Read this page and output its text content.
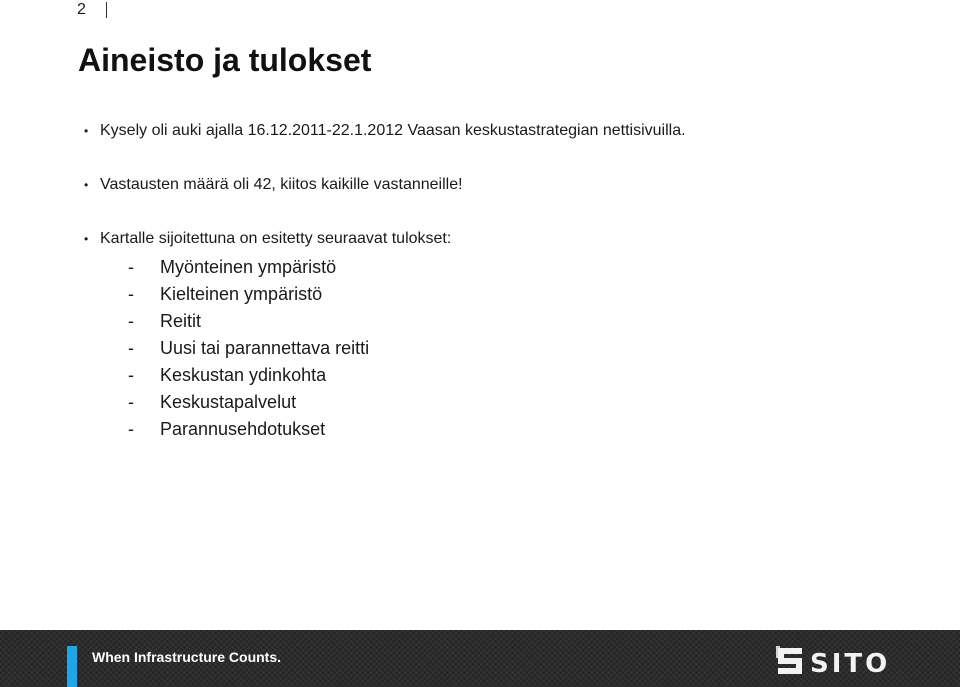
2
Aineisto ja tulokset
• Kysely oli auki ajalla 16.12.2011-22.1.2012 Vaasan keskustastrategian nettisivuilla.
• Vastausten määrä oli 42, kiitos kaikille vastanneille!
• Kartalle sijoitettuna on esitetty seuraavat tulokset:
- Myönteinen ympäristö
- Kielteinen ympäristö
- Reitit
- Uusi tai parannettava reitti
- Keskustan ydinkohta
- Keskustapalvelut
- Parannusehdotukset
When Infrastructure Counts.	SITO
